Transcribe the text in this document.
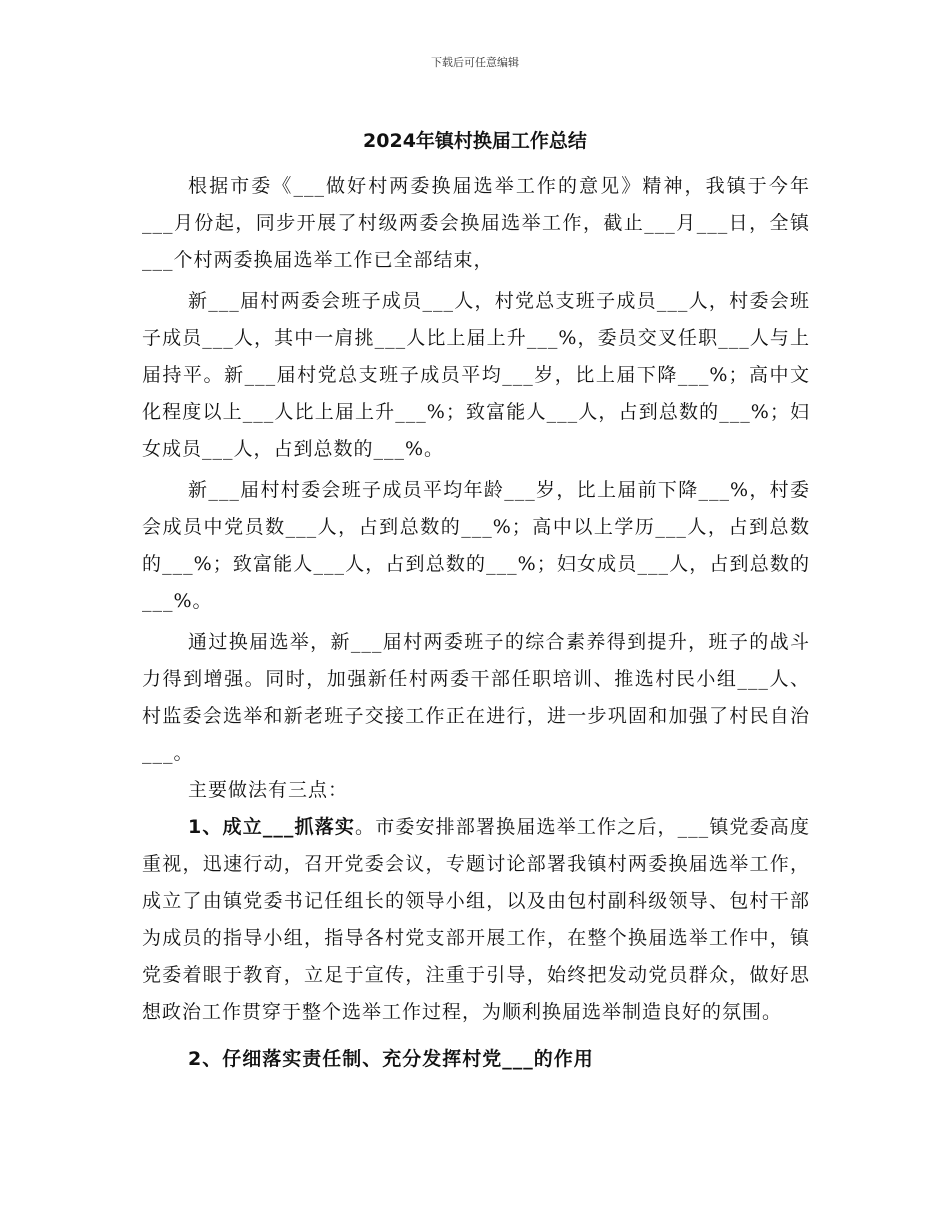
下载后可任意编辑
2024年镇村换届工作总结

根据市委《___做好村两委换届选举工作的意见》精神，我镇于今年___月份起，同步开展了村级两委会换届选举工作，截止___月___日，全镇___个村两委换届选举工作已全部结束，

新___届村两委会班子成员___人，村党总支班子成员___人，村委会班子成员___人，其中一肩挑___人比上届上升___%，委员交叉任职___人与上届持平。新___届村党总支班子成员平均___岁，比上届下降___%；高中文化程度以上___人比上届上升___%；致富能人___人，占到总数的___%；妇女成员___人，占到总数的___%。

新___届村村委会班子成员平均年龄___岁，比上届前下降___%，村委会成员中党员数___人，占到总数的___%；高中以上学历___人，占到总数的___%；致富能人___人，占到总数的___%；妇女成员___人，占到总数的___%。

通过换届选举，新___届村两委班子的综合素养得到提升，班子的战斗力得到增强。同时，加强新任村两委干部任职培训、推选村民小组___人、村监委会选举和新老班子交接工作正在进行，进一步巩固和加强了村民自治___。

主要做法有三点：

1、成立___抓落实。市委安排部署换届选举工作之后，___镇党委高度重视，迅速行动，召开党委会议，专题讨论部署我镇村两委换届选举工作，成立了由镇党委书记任组长的领导小组，以及由包村副科级领导、包村干部为成员的指导小组，指导各村党支部开展工作，在整个换届选举工作中，镇党委着眼于教育，立足于宣传，注重于引导，始终把发动党员群众，做好思想政治工作贯穿于整个选举工作过程，为顺利换届选举制造良好的氛围。

2、仔细落实责任制、充分发挥村党___的作用
